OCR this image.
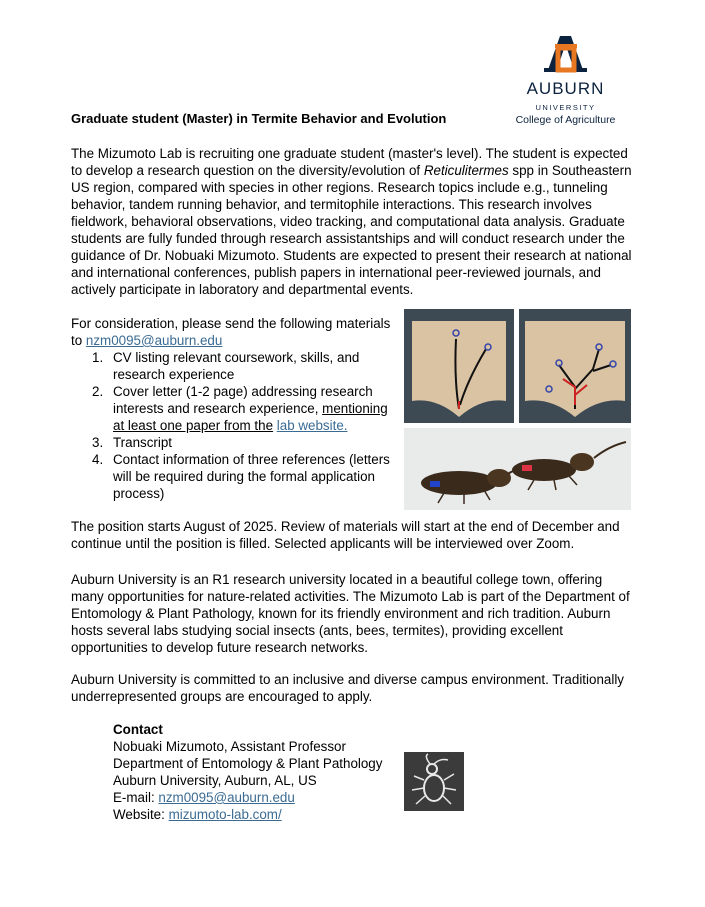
AUBURN
UNIVERSITY
College of Agriculture
Graduate student (Master) in Termite Behavior and Evolution

The Mizumoto Lab is recruiting one graduate student (master's level). The student is expected to develop a research question on the diversity/evolution of Reticulitermes spp in Southeastern US region, compared with species in other regions. Research topics include e.g., tunneling behavior, tandem running behavior, and termitophile interactions. This research involves fieldwork, behavioral observations, video tracking, and computational data analysis. Graduate students are fully funded through research assistantships and will conduct research under the guidance of Dr. Nobuaki Mizumoto. Students are expected to present their research at national and international conferences, publish papers in international peer-reviewed journals, and actively participate in laboratory and departmental events.

For consideration, please send the following materials to nzm0095@auburn.edu

1. CV listing relevant coursework, skills, and research experience
2. Cover letter (1-2 page) addressing research interests and research experience, mentioning at least one paper from the lab website.
3. Transcript
4. Contact information of three references (letters will be required during the formal application process)

The position starts August of 2025. Review of materials will start at the end of December and continue until the position is filled. Selected applicants will be interviewed over Zoom.

Auburn University is an R1 research university located in a beautiful college town, offering many opportunities for nature-related activities. The Mizumoto Lab is part of the Department of Entomology & Plant Pathology, known for its friendly environment and rich tradition. Auburn hosts several labs studying social insects (ants, bees, termites), providing excellent opportunities to develop future research networks.

Auburn University is committed to an inclusive and diverse campus environment. Traditionally underrepresented groups are encouraged to apply.

Contact
Nobuaki Mizumoto, Assistant Professor
Department of Entomology & Plant Pathology
Auburn University, Auburn, AL, US
E-mail: nzm0095@auburn.edu
Website: mizumoto-lab.com/
